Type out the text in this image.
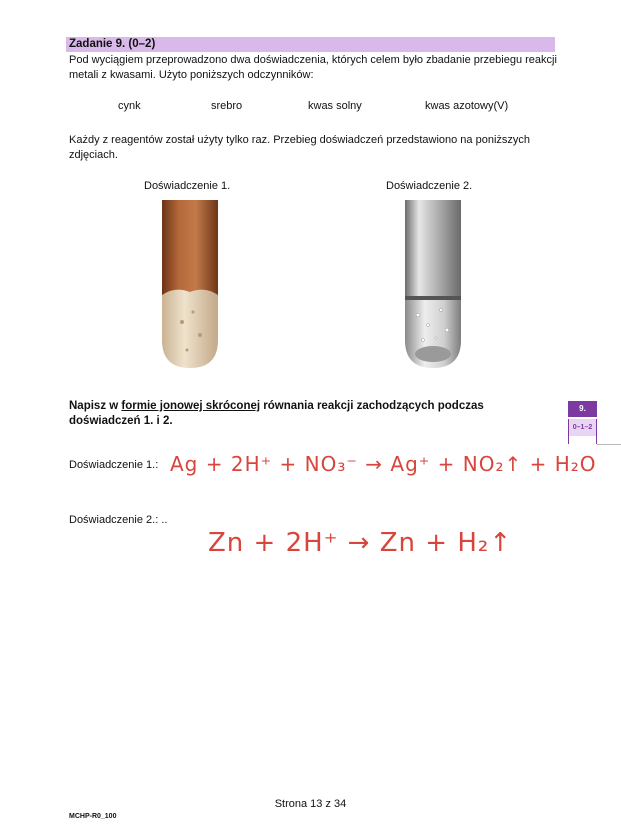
Zadanie 9. (0–2)
Pod wyciągiem przeprowadzono dwa doświadczenia, których celem było zbadanie przebiegu reakcji metali z kwasami. Użyto poniższych odczynników:
cynk	srebro	kwas solny	kwas azotowy(V)
Każdy z reagentów został użyty tylko raz. Przebieg doświadczeń przedstawiono na poniższych zdjęciach.
Doświadczenie 1.	Doświadczenie 2.
Napisz w formie jonowej skróconej równania reakcji zachodzących podczas doświadczeń 1. i 2.
9.
0–1–2
Doświadczenie 1.: Ag + 2H⁺ + NO₃⁻ → Ag⁺ + NO₂↑ + H₂O
Doświadczenie 2.: ..
Zn + 2H⁺ → Zn + H₂↑
Strona 13 z 34
MCHP-R0_100
